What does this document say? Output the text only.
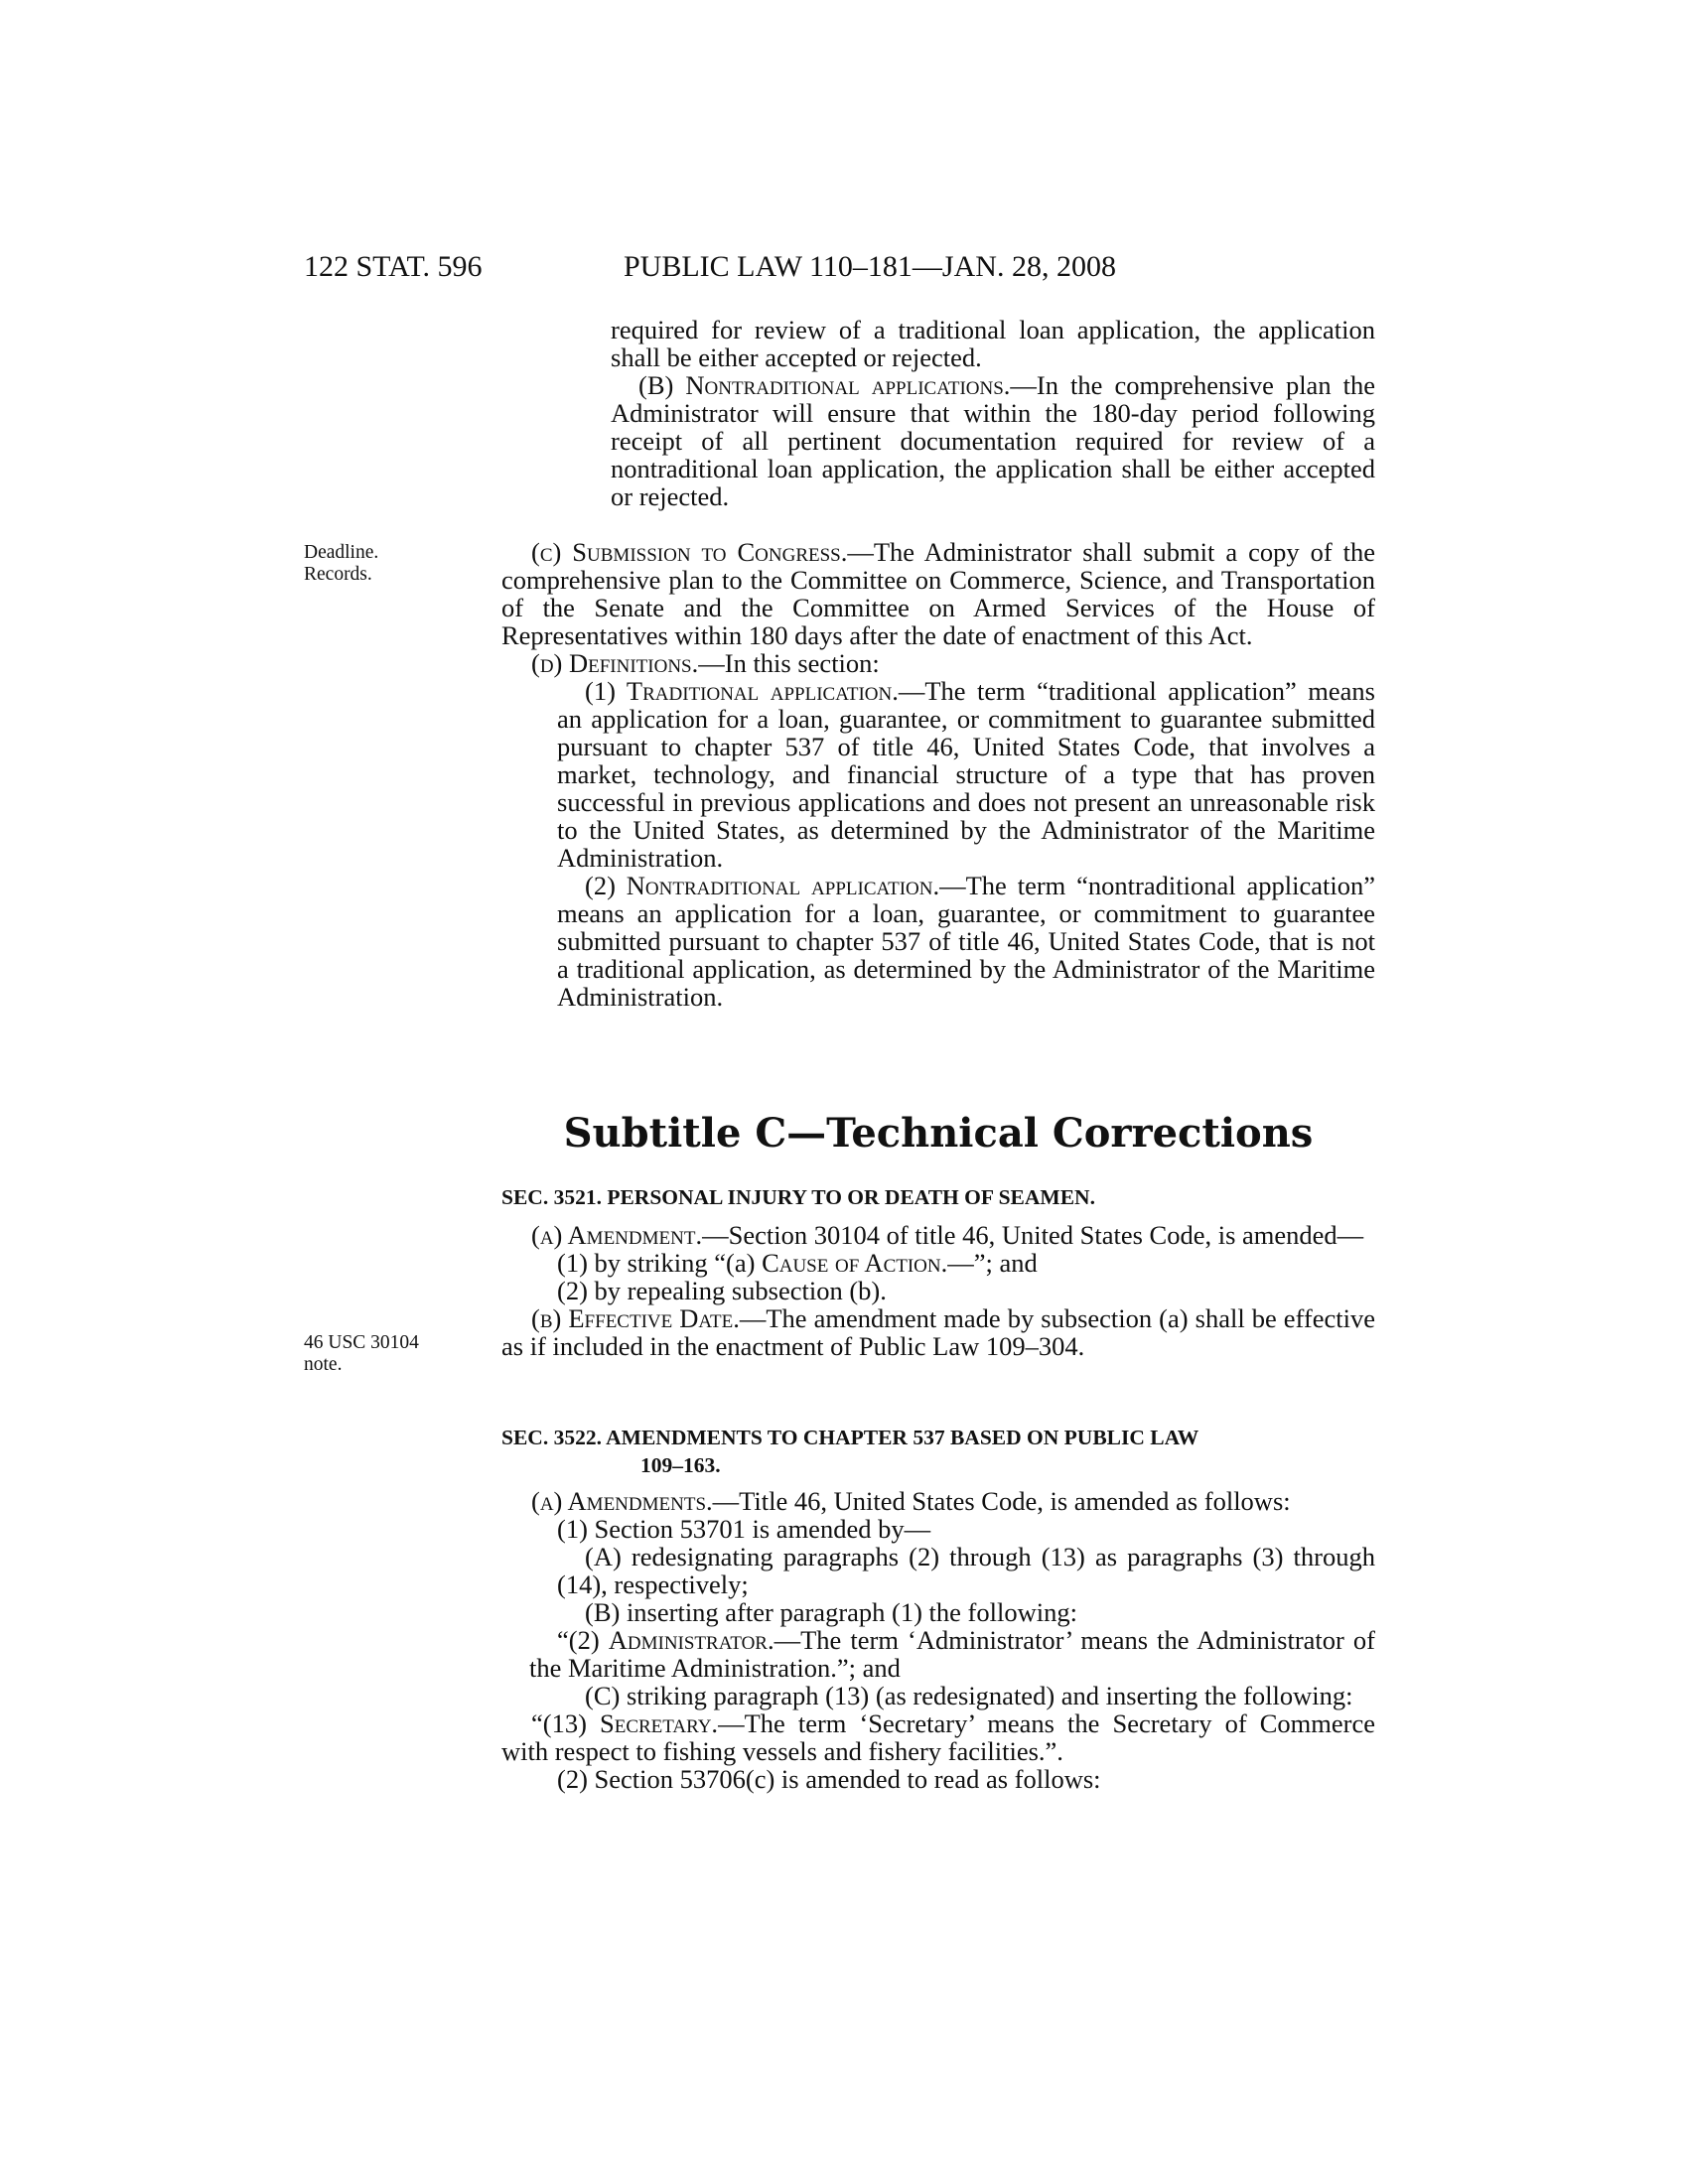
122 STAT. 596	PUBLIC LAW 110–181—JAN. 28, 2008

required for review of a traditional loan application, the application shall be either accepted or rejected.

(B) Nontraditional applications.—In the comprehensive plan the Administrator will ensure that within the 180-day period following receipt of all pertinent documentation required for review of a nontraditional loan application, the application shall be either accepted or rejected.

Deadline.
Records.

(c) Submission to Congress.—The Administrator shall submit a copy of the comprehensive plan to the Committee on Commerce, Science, and Transportation of the Senate and the Committee on Armed Services of the House of Representatives within 180 days after the date of enactment of this Act.

(d) Definitions.—In this section:

(1) Traditional application.—The term “traditional application” means an application for a loan, guarantee, or commitment to guarantee submitted pursuant to chapter 537 of title 46, United States Code, that involves a market, technology, and financial structure of a type that has proven successful in previous applications and does not present an unreasonable risk to the United States, as determined by the Administrator of the Maritime Administration.

(2) Nontraditional application.—The term “nontraditional application” means an application for a loan, guarantee, or commitment to guarantee submitted pursuant to chapter 537 of title 46, United States Code, that is not a traditional application, as determined by the Administrator of the Maritime Administration.

Subtitle C—Technical Corrections
SEC. 3521. PERSONAL INJURY TO OR DEATH OF SEAMEN.

(a) Amendment.—Section 30104 of title 46, United States Code, is amended—

(1) by striking “(a) Cause of Action.—”; and

(2) by repealing subsection (b).

(b) Effective Date.—The amendment made by subsection (a) shall be effective as if included in the enactment of Public Law 109–304.

46 USC 30104
note.
SEC. 3522. AMENDMENTS TO CHAPTER 537 BASED ON PUBLIC LAW
109–163.

(a) Amendments.—Title 46, United States Code, is amended as follows:

(1) Section 53701 is amended by—

(A) redesignating paragraphs (2) through (13) as paragraphs (3) through (14), respectively;

(B) inserting after paragraph (1) the following:

“(2) Administrator.—The term ‘Administrator’ means the Administrator of the Maritime Administration.”; and

(C) striking paragraph (13) (as redesignated) and inserting the following:

“(13) Secretary.—The term ‘Secretary’ means the Secretary of Commerce with respect to fishing vessels and fishery facilities.”.

(2) Section 53706(c) is amended to read as follows:
